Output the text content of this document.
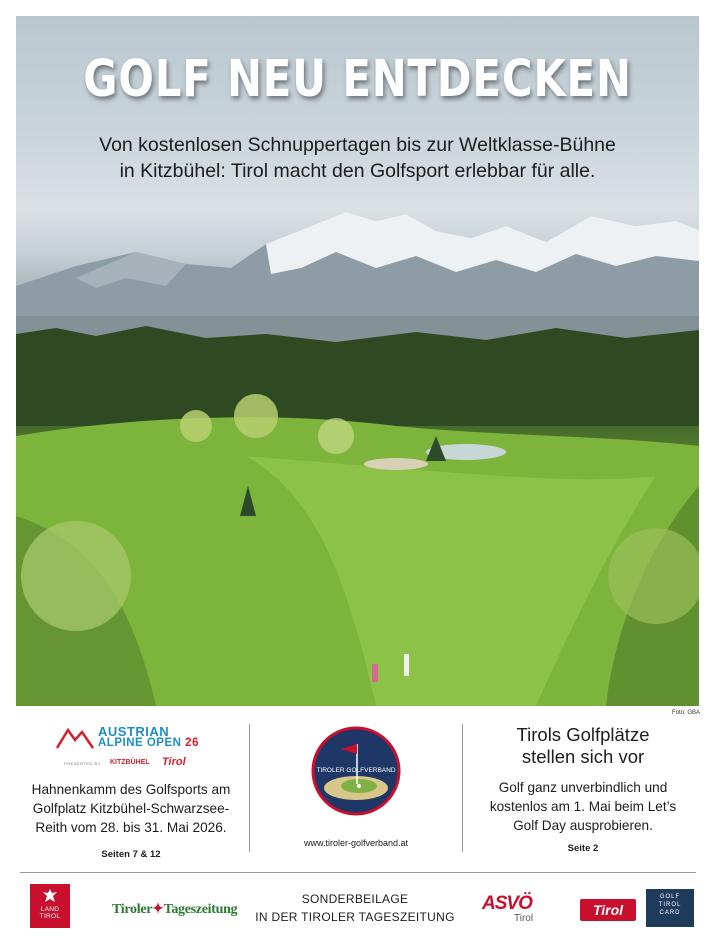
GOLF NEU ENTDECKEN
Von kostenlosen Schnuppertagen bis zur Weltklasse-Bühne
in Kitzbühel: Tirol macht den Golfsport erlebbar für alle.
Foto: GBA
AUSTRIAN
ALPINE OPEN 26
PRESENTED BY KITZBÜHEL Tirol
Hahnenkamm des Golfsports am
Golfplatz Kitzbühel-Schwarzsee-
Reith vom 28. bis 31. Mai 2026.
Seiten 7 & 12
TIROLER GOLFVERBAND
www.tiroler-golfverband.at
Tirols Golfplätze
stellen sich vor
Golf ganz unverbindlich und
kostenlos am 1. Mai beim Let’s
Golf Day ausprobieren.
Seite 2
LAND
TIROL	Tiroler✦Tageszeitung
SONDERBEILAGE
IN DER TIROLER TAGESZEITUNG
ASVÖ
Tirol
Tirol
GOLF
TIROL
CARD
